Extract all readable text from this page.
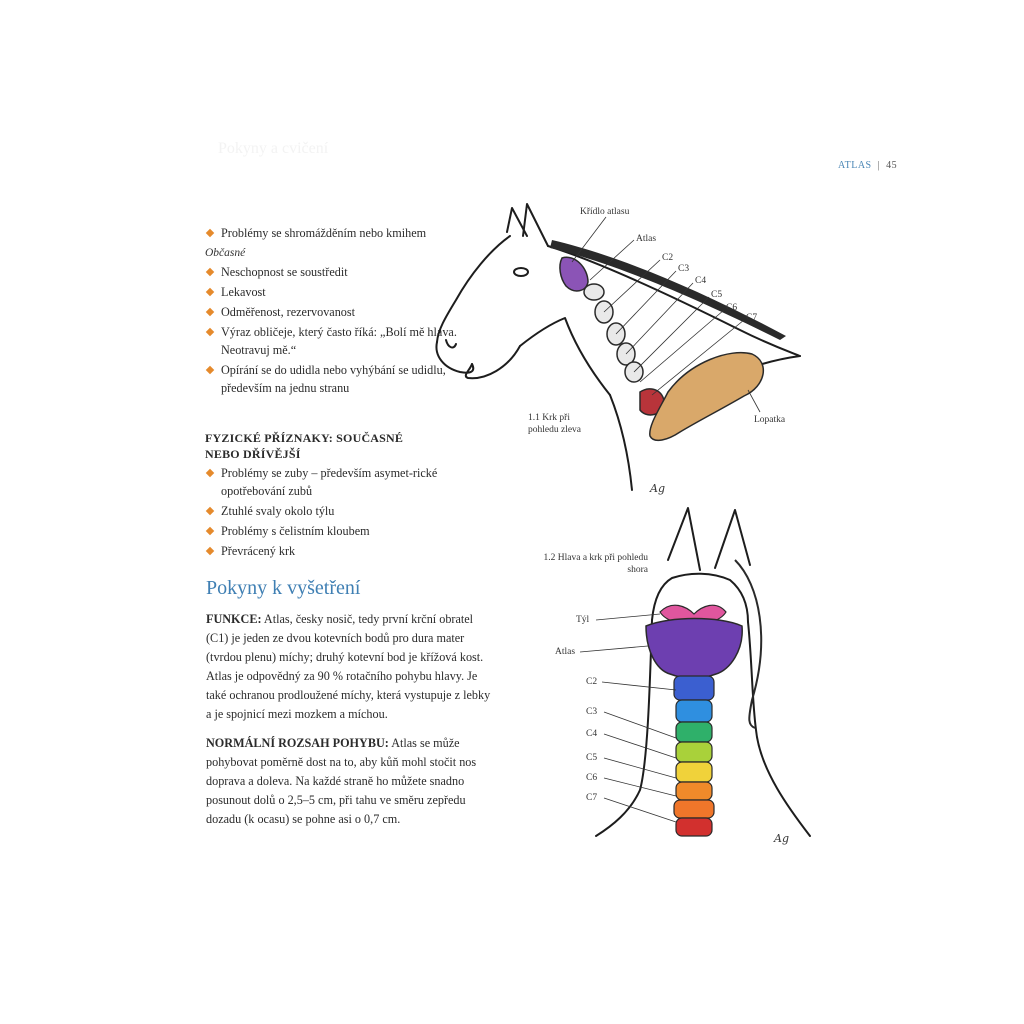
Pokyny a cvičení
ATLAS | 45
Problémy se shromážděním nebo kmihem
Občasné
Neschopnost se soustředit
Lekavost
Odměřenost, rezervovanost
Výraz obličeje, který často říká: „Bolí mě hlava. Neotravuj mě.“
Opírání se do udidla nebo vyhýbání se udidlu, především na jednu stranu
FYZICKÉ PŘÍZNAKY: SOUČASNÉ
NEBO DŘÍVĚJŠÍ
Problémy se zuby – především asymet-rické opotřebování zubů
Ztuhlé svaly okolo týlu
Problémy s čelistním kloubem
Převrácený krk
Pokyny k vyšetření
FUNKCE: Atlas, česky nosič, tedy první krční obratel (C1) je jeden ze dvou kotevních bodů pro dura mater (tvrdou plenu) míchy; druhý kotevní bod je křížová kost. Atlas je odpovědný za 90 % rotačního pohybu hlavy. Je také ochranou prodloužené míchy, která vystupuje z lebky a je spojnicí mezi mozkem a míchou.
NORMÁLNÍ ROZSAH POHYBU: Atlas se může pohybovat poměrně dost na to, aby kůň mohl stočit nos doprava a doleva. Na každé straně ho můžete snadno posunout dolů o 2,5–5 cm, při tahu ve směru zepředu dozadu (k ocasu) se pohne asi o 0,7 cm.
Ag
Ag
Křídlo atlasu
Atlas
C2
C3
C4
C5
C6
C7
Lopatka
1.1 Krk při
pohledu zleva
1.2 Hlava a krk při pohledu
shora
Týl
Atlas
C2
C3
C4
C5
C6
C7
